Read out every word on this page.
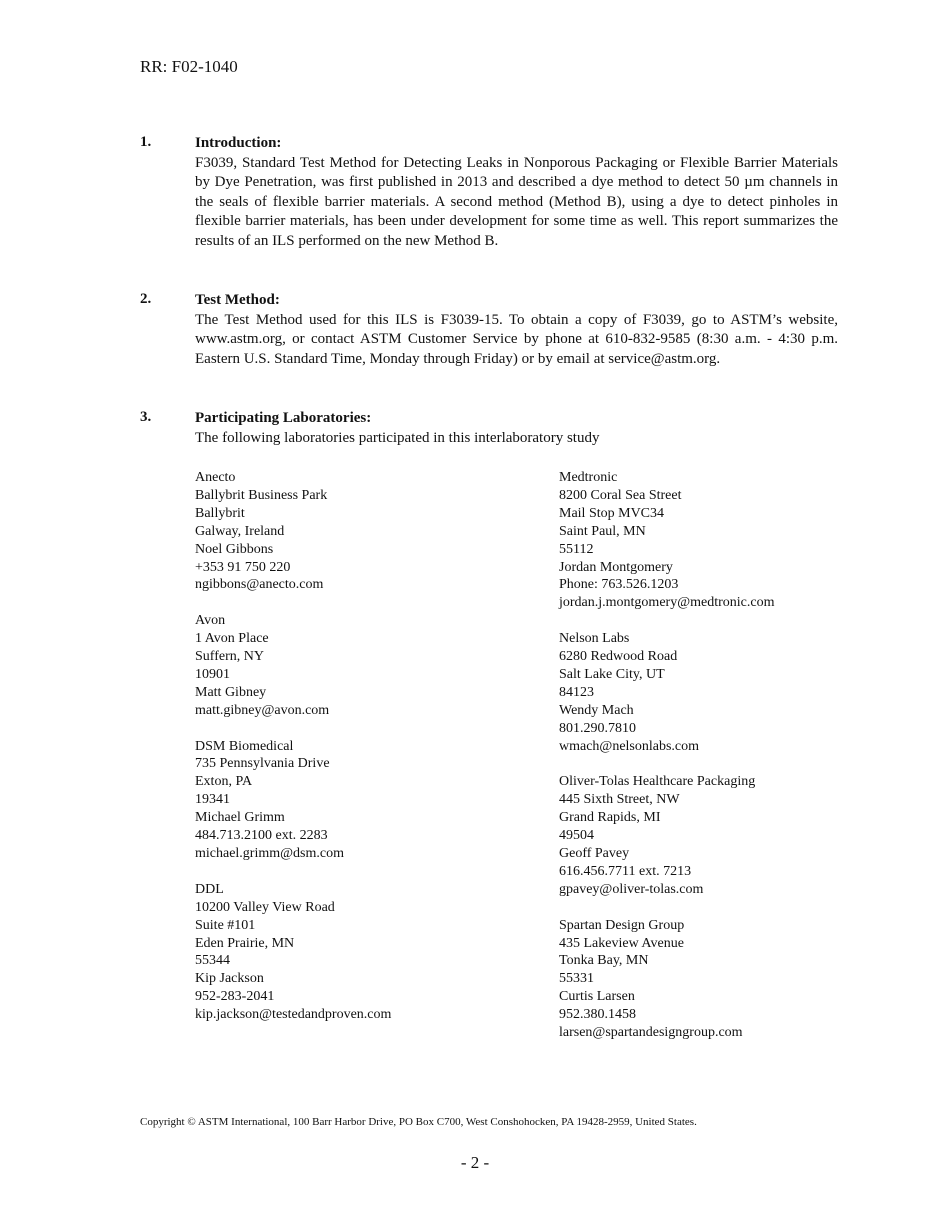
RR: F02-1040
1.	Introduction:
F3039, Standard Test Method for Detecting Leaks in Nonporous Packaging or Flexible Barrier Materials by Dye Penetration, was first published in 2013 and described a dye method to detect 50 µm channels in the seals of flexible barrier materials. A second method (Method B), using a dye to detect pinholes in flexible barrier materials, has been under development for some time as well. This report summarizes the results of an ILS performed on the new Method B.
2.	Test Method:
The Test Method used for this ILS is F3039-15. To obtain a copy of F3039, go to ASTM’s website, www.astm.org, or contact ASTM Customer Service by phone at 610-832-9585 (8:30 a.m. - 4:30 p.m. Eastern U.S. Standard Time, Monday through Friday) or by email at service@astm.org.
3.	Participating Laboratories:
The following laboratories participated in this interlaboratory study
Anecto
Ballybrit Business Park
Ballybrit
Galway, Ireland
Noel Gibbons
+353 91 750 220
ngibbons@anecto.com
Avon
1 Avon Place
Suffern, NY
10901
Matt Gibney
matt.gibney@avon.com
DSM Biomedical
735 Pennsylvania Drive
Exton, PA
19341
Michael Grimm
484.713.2100 ext. 2283
michael.grimm@dsm.com
DDL
10200 Valley View Road
Suite #101
Eden Prairie, MN
55344
Kip Jackson
952-283-2041
kip.jackson@testedandproven.com
Medtronic
8200 Coral Sea Street
Mail Stop MVC34
Saint Paul, MN
55112
Jordan Montgomery
Phone: 763.526.1203
jordan.j.montgomery@medtronic.com
Nelson Labs
6280 Redwood Road
Salt Lake City, UT
84123
Wendy Mach
801.290.7810
wmach@nelsonlabs.com
Oliver-Tolas Healthcare Packaging
445 Sixth Street, NW
Grand Rapids, MI
49504
Geoff Pavey
616.456.7711 ext. 7213
gpavey@oliver-tolas.com
Spartan Design Group
435 Lakeview Avenue
Tonka Bay, MN
55331
Curtis Larsen
952.380.1458
larsen@spartandesigngroup.com
Copyright © ASTM International, 100 Barr Harbor Drive, PO Box C700, West Conshohocken, PA 19428-2959, United States.
- 2 -
